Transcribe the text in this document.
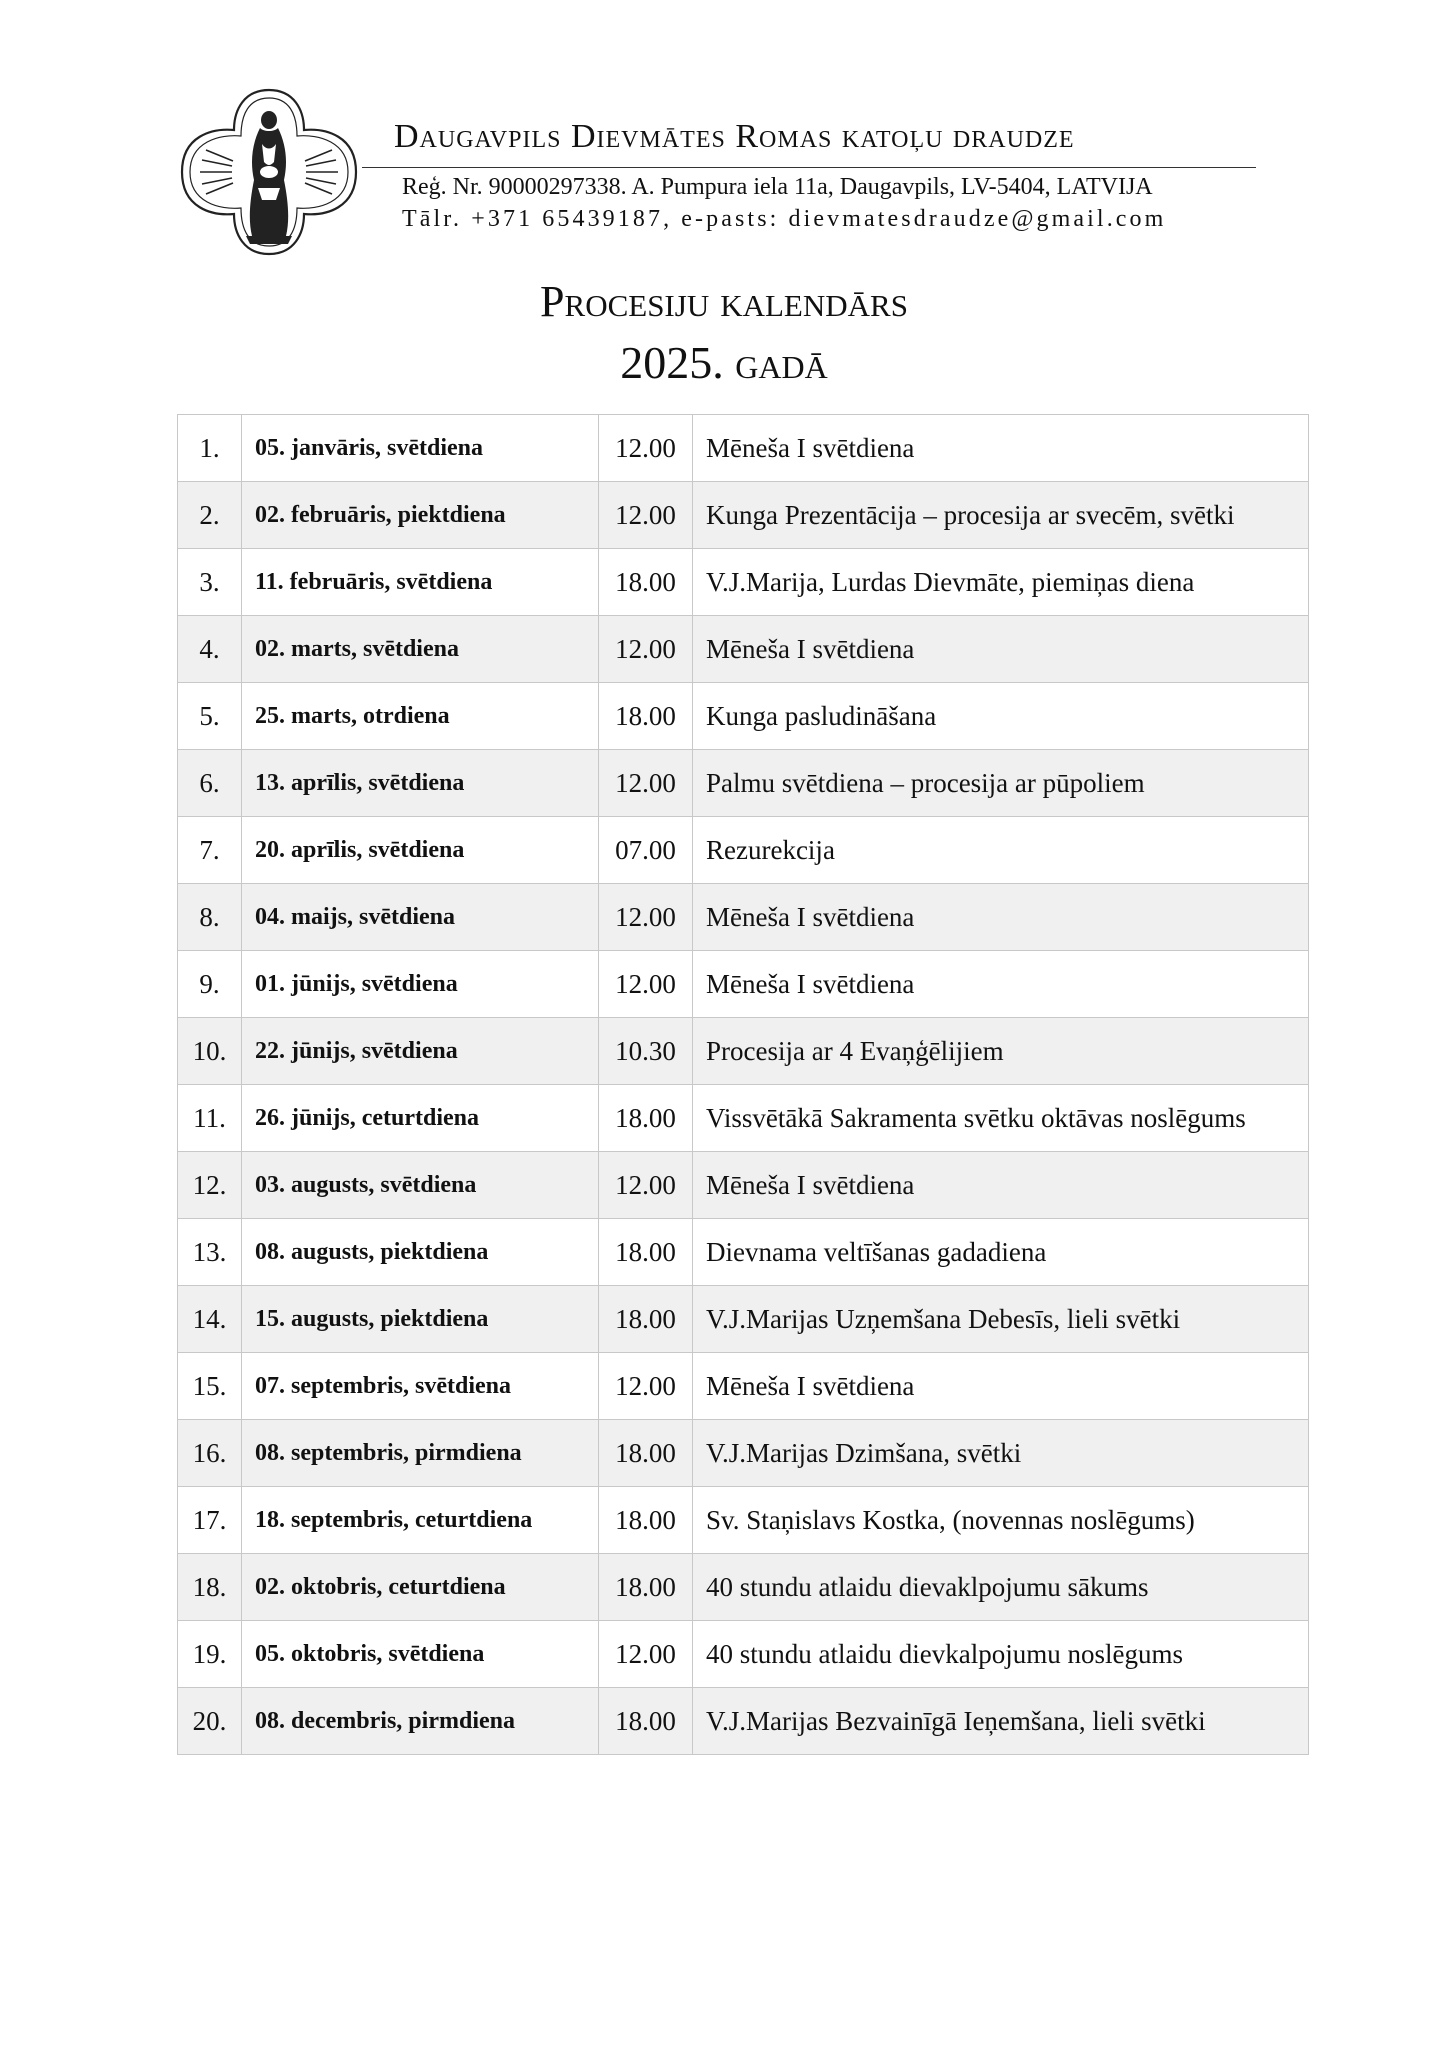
Daugavpils Dievmātes Romas katoļu draudze
Reģ. Nr. 90000297338. A. Pumpura iela 11a, Daugavpils, LV-5404, LATVIJA
Tālr. +371 65439187, e-pasts: dievmatesdraudze@gmail.com
Procesiju kalendārs
2025. gadā
1.	05. janvāris, svētdiena	12.00	Mēneša I svētdiena
2.	02. februāris, piektdiena	12.00	Kunga Prezentācija – procesija ar svecēm, svētki
3.	11. februāris, svētdiena	18.00	V.J.Marija, Lurdas Dievmāte, piemiņas diena
4.	02. marts, svētdiena	12.00	Mēneša I svētdiena
5.	25. marts, otrdiena	18.00	Kunga pasludināšana
6.	13. aprīlis, svētdiena	12.00	Palmu svētdiena – procesija ar pūpoliem
7.	20. aprīlis, svētdiena	07.00	Rezurekcija
8.	04. maijs, svētdiena	12.00	Mēneša I svētdiena
9.	01. jūnijs, svētdiena	12.00	Mēneša I svētdiena
10.	22. jūnijs, svētdiena	10.30	Procesija ar 4 Evaņģēlijiem
11.	26. jūnijs, ceturtdiena	18.00	Vissvētākā Sakramenta svētku oktāvas noslēgums
12.	03. augusts, svētdiena	12.00	Mēneša I svētdiena
13.	08. augusts, piektdiena	18.00	Dievnama veltīšanas gadadiena
14.	15. augusts, piektdiena	18.00	V.J.Marijas Uzņemšana Debesīs, lieli svētki
15.	07. septembris, svētdiena	12.00	Mēneša I svētdiena
16.	08. septembris, pirmdiena	18.00	V.J.Marijas Dzimšana, svētki
17.	18. septembris, ceturtdiena	18.00	Sv. Staņislavs Kostka, (novennas noslēgums)
18.	02. oktobris, ceturtdiena	18.00	40 stundu atlaidu dievaklpojumu sākums
19.	05. oktobris, svētdiena	12.00	40 stundu atlaidu dievkalpojumu noslēgums
20.	08. decembris, pirmdiena	18.00	V.J.Marijas Bezvainīgā Ieņemšana, lieli svētki
